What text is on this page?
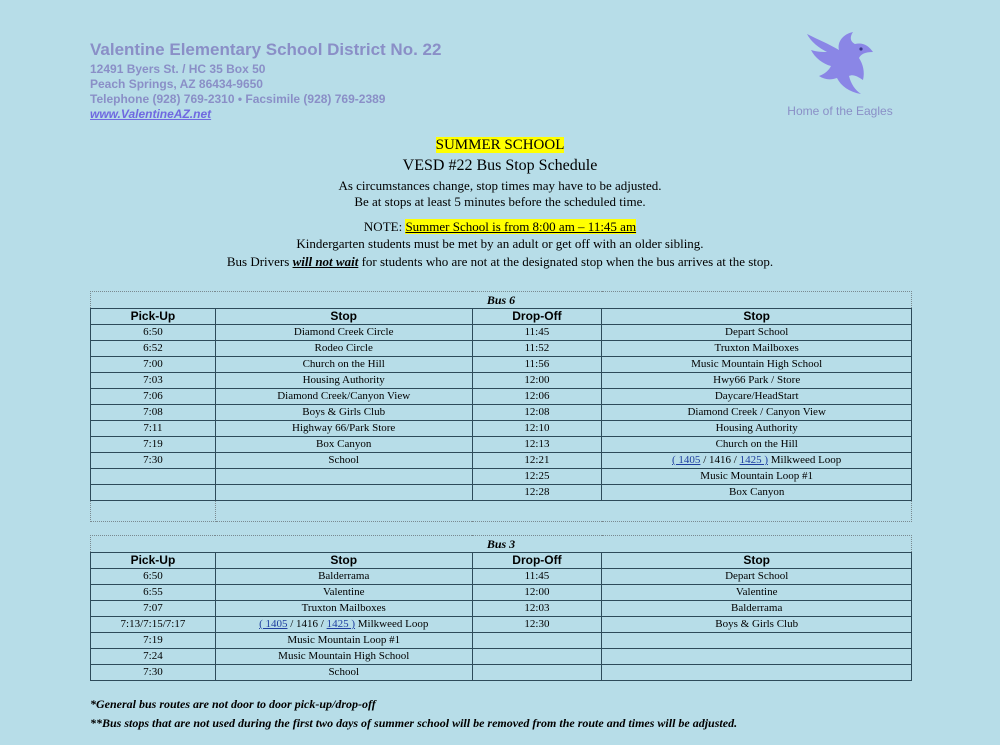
Valentine Elementary School District No. 22
12491 Byers St. / HC 35 Box 50
Peach Springs, AZ 86434-9650
Telephone (928) 769-2310 • Facsimile (928) 769-2389
www.ValentineAZ.net	Home of the Eagles
SUMMER SCHOOL
VESD #22 Bus Stop Schedule
As circumstances change, stop times may have to be adjusted.
Be at stops at least 5 minutes before the scheduled time.
NOTE: Summer School is from 8:00 am – 11:45 am
Kindergarten students must be met by an adult or get off with an older sibling.
Bus Drivers will not wait for students who are not at the designated stop when the bus arrives at the stop.
Bus 6			
Pick-Up	Stop	Drop-Off	Stop
6:50	Diamond Creek Circle	11:45	Depart School
6:52	Rodeo Circle	11:52	Truxton Mailboxes
7:00	Church on the Hill	11:56	Music Mountain High School
7:03	Housing Authority	12:00	Hwy66 Park / Store
7:06	Diamond Creek/Canyon View	12:06	Daycare/HeadStart
7:08	Boys & Girls Club	12:08	Diamond Creek / Canyon View
7:11	Highway 66/Park Store	12:10	Housing Authority
7:19	Box Canyon	12:13	Church on the Hill
7:30	School	12:21	( 1405 / 1416 / 1425 ) Milkweed Loop
		12:25	Music Mountain Loop #1
		12:28	Box Canyon

Bus 3			
Pick-Up	Stop	Drop-Off	Stop
6:50	Balderrama	11:45	Depart School
6:55	Valentine	12:00	Valentine
7:07	Truxton Mailboxes	12:03	Balderrama
7:13/7:15/7:17	( 1405 / 1416 / 1425 ) Milkweed Loop	12:30	Boys & Girls Club
7:19	Music Mountain Loop #1		
7:24	Music Mountain High School		
7:30	School		
*General bus routes are not door to door pick-up/drop-off
**Bus stops that are not used during the first two days of summer school will be removed from the route and times will be adjusted.
